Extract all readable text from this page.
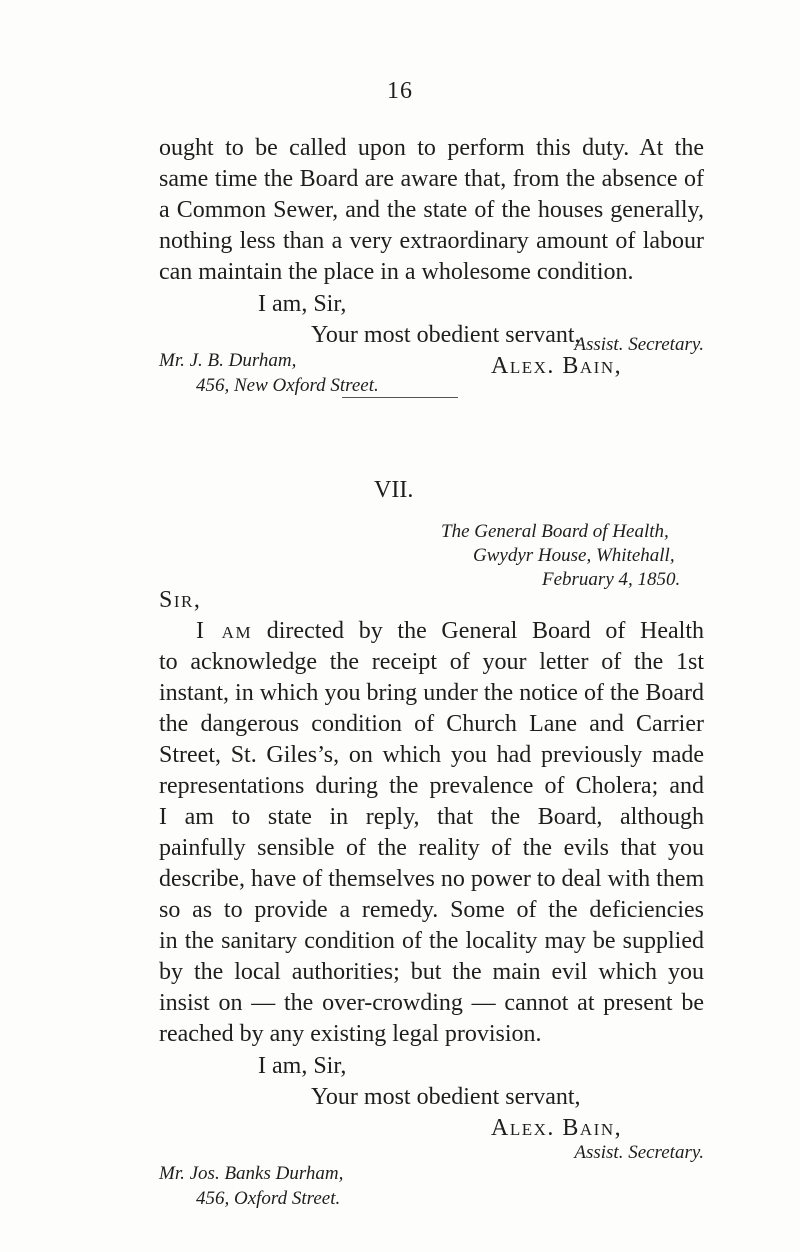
16
ought to be called upon to perform this duty. At the
same time the Board are aware that, from the absence of
a Common Sewer, and the state of the houses generally,
nothing less than a very extraordinary amount of labour
can maintain the place in a wholesome condition.
I am, Sir,
Your most obedient servant,
Alex. Bain,
Assist. Secretary.
Mr. J. B. Durham,
456, New Oxford Street.
VII.
The General Board of Health,
Gwydyr House, Whitehall,
February 4, 1850.
Sir,
I am directed by the General Board of Health
to acknowledge the receipt of your letter of the 1st
instant, in which you bring under the notice of the Board
the dangerous condition of Church Lane and Carrier
Street, St. Giles’s, on which you had previously made
representations during the prevalence of Cholera; and
I am to state in reply, that the Board, although
painfully sensible of the reality of the evils that you
describe, have of themselves no power to deal with them
so as to provide a remedy. Some of the deficiencies
in the sanitary condition of the locality may be supplied
by the local authorities; but the main evil which you
insist on — the over-crowding — cannot at present be
reached by any existing legal provision.
I am, Sir,
Your most obedient servant,
Alex. Bain,
Assist. Secretary.
Mr. Jos. Banks Durham,
456, Oxford Street.
